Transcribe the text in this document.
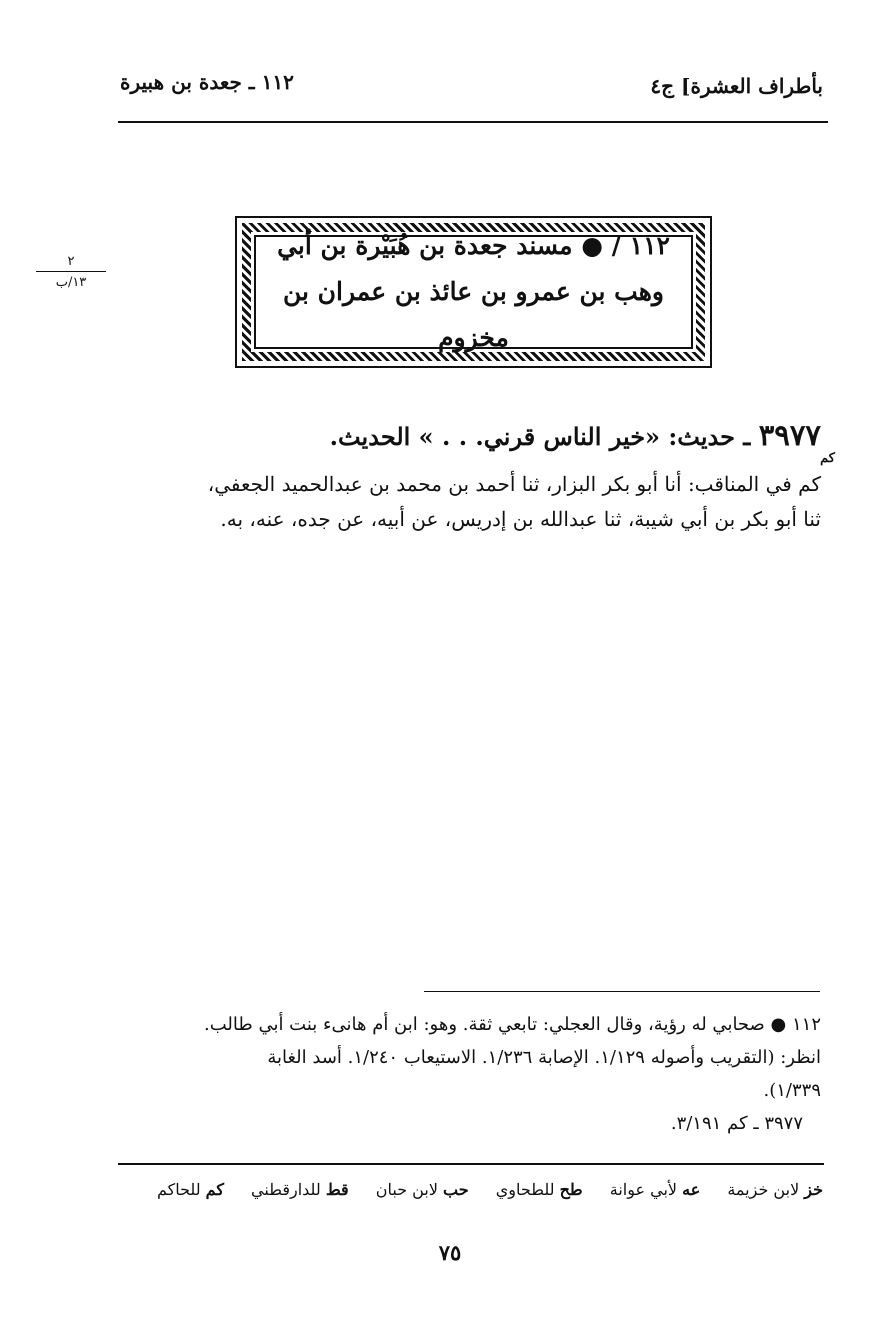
بأطراف العشرة] ج٤
١١٢ ـ جعدة بن هبيرة
٢
١٣/ب
١١٢ / ● مسند جعدة بن هُبَيْرة بن أبي
وهب بن عمرو بن عائذ بن عمران بن مخزوم
٣٩٧٧ ـ حديث: «خير الناس قرني. . . » الحديث.
كم

كم في المناقب: أنا أبو بكر البزار، ثنا أحمد بن محمد بن عبدالحميد الجعفي،

ثنا أبو بكر بن أبي شيبة، ثنا عبدالله بن إدريس، عن أبيه، عن جده، عنه، به.

١١٢ ● صحابي له رؤية، وقال العجلي: تابعي ثقة. وهو: ابن أم هانىء بنت أبي طالب.

انظر: (التقريب وأصوله ١/١٢٩. الإصابة ١/٢٣٦. الاستيعاب ١/٢٤٠. أسد الغابة

١/٣٣٩).

٣٩٧٧ ـ كم ٣/١٩١.

خز لابن خزيمة عه لأبي عوانة طح للطحاوي حب لابن حبان قط للدارقطني كم للحاكم
٧٥
